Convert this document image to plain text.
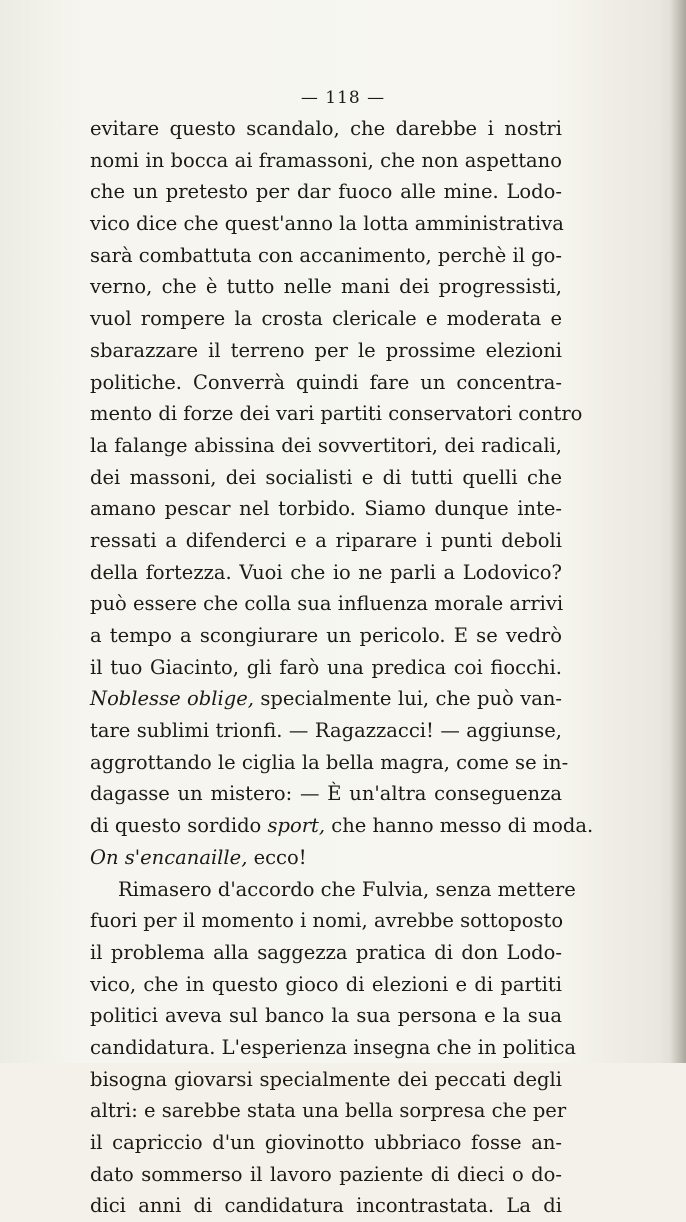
— 118 —
evitare questo scandalo, che darebbe i nostri
nomi in bocca ai framassoni, che non aspettano
che un pretesto per dar fuoco alle mine. Lodo-
vico dice che quest'anno la lotta amministrativa
sarà combattuta con accanimento, perchè il go-
verno, che è tutto nelle mani dei progressisti,
vuol rompere la crosta clericale e moderata e
sbarazzare il terreno per le prossime elezioni
politiche. Converrà quindi fare un concentra-
mento di forze dei vari partiti conservatori contro
la falange abissina dei sovvertitori, dei radicali,
dei massoni, dei socialisti e di tutti quelli che
amano pescar nel torbido. Siamo dunque inte-
ressati a difenderci e a riparare i punti deboli
della fortezza. Vuoi che io ne parli a Lodovico?
può essere che colla sua influenza morale arrivi
a tempo a scongiurare un pericolo. E se vedrò
il tuo Giacinto, gli farò una predica coi fiocchi.
Noblesse oblige, specialmente lui, che può van-
tare sublimi trionfi. — Ragazzacci! — aggiunse,
aggrottando le ciglia la bella magra, come se in-
dagasse un mistero: — È un'altra conseguenza
di questo sordido sport, che hanno messo di moda.
On s'encanaille, ecco!
Rimasero d'accordo che Fulvia, senza mettere
fuori per il momento i nomi, avrebbe sottoposto
il problema alla saggezza pratica di don Lodo-
vico, che in questo gioco di elezioni e di partiti
politici aveva sul banco la sua persona e la sua
candidatura. L'esperienza insegna che in politica
bisogna giovarsi specialmente dei peccati degli
altri: e sarebbe stata una bella sorpresa che per
il capriccio d'un giovinotto ubbriaco fosse an-
dato sommerso il lavoro paziente di dieci o do-
dici anni di candidatura incontrastata. La di
